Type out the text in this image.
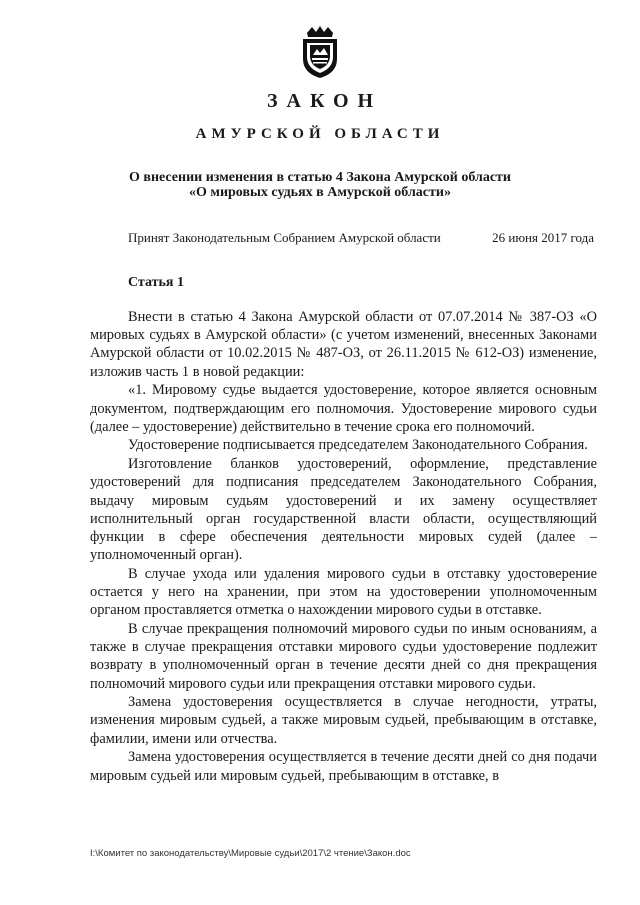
ЗАКОН
АМУРСКОЙ ОБЛАСТИ
О внесении изменения в статью 4 Закона Амурской области
«О мировых судьях в Амурской области»
Принят Законодательным Собранием Амурской области	26 июня 2017 года
Статья 1

Внести в статью 4 Закона Амурской области от 07.07.2014 № 387-ОЗ «О мировых судьях в Амурской области» (с учетом изменений, внесенных Законами Амурской области от 10.02.2015 № 487-ОЗ, от 26.11.2015 № 612-ОЗ) изменение, изложив часть 1 в новой редакции:

«1. Мировому судье выдается удостоверение, которое является основным документом, подтверждающим его полномочия. Удостоверение мирового судьи (далее – удостоверение) действительно в течение срока его полномочий.

Удостоверение подписывается председателем Законодательного Собрания.

Изготовление бланков удостоверений, оформление, представление удостоверений для подписания председателем Законодательного Собрания, выдачу мировым судьям удостоверений и их замену осуществляет исполнительный орган государственной власти области, осуществляющий функции в сфере обеспечения деятельности мировых судей (далее – уполномоченный орган).

В случае ухода или удаления мирового судьи в отставку удостоверение остается у него на хранении, при этом на удостоверении уполномоченным органом проставляется отметка о нахождении мирового судьи в отставке.

В случае прекращения полномочий мирового судьи по иным основаниям, а также в случае прекращения отставки мирового судьи удостоверение подлежит возврату в уполномоченный орган в течение десяти дней со дня прекращения полномочий мирового судьи или прекращения отставки мирового судьи.

Замена удостоверения осуществляется в случае негодности, утраты, изменения мировым судьей, а также мировым судьей, пребывающим в отставке, фамилии, имени или отчества.

Замена удостоверения осуществляется в течение десяти дней со дня подачи мировым судьей или мировым судьей, пребывающим в отставке, в

I:\Комитет по законодательству\Мировые судьи\2017\2 чтение\Закон.doc
